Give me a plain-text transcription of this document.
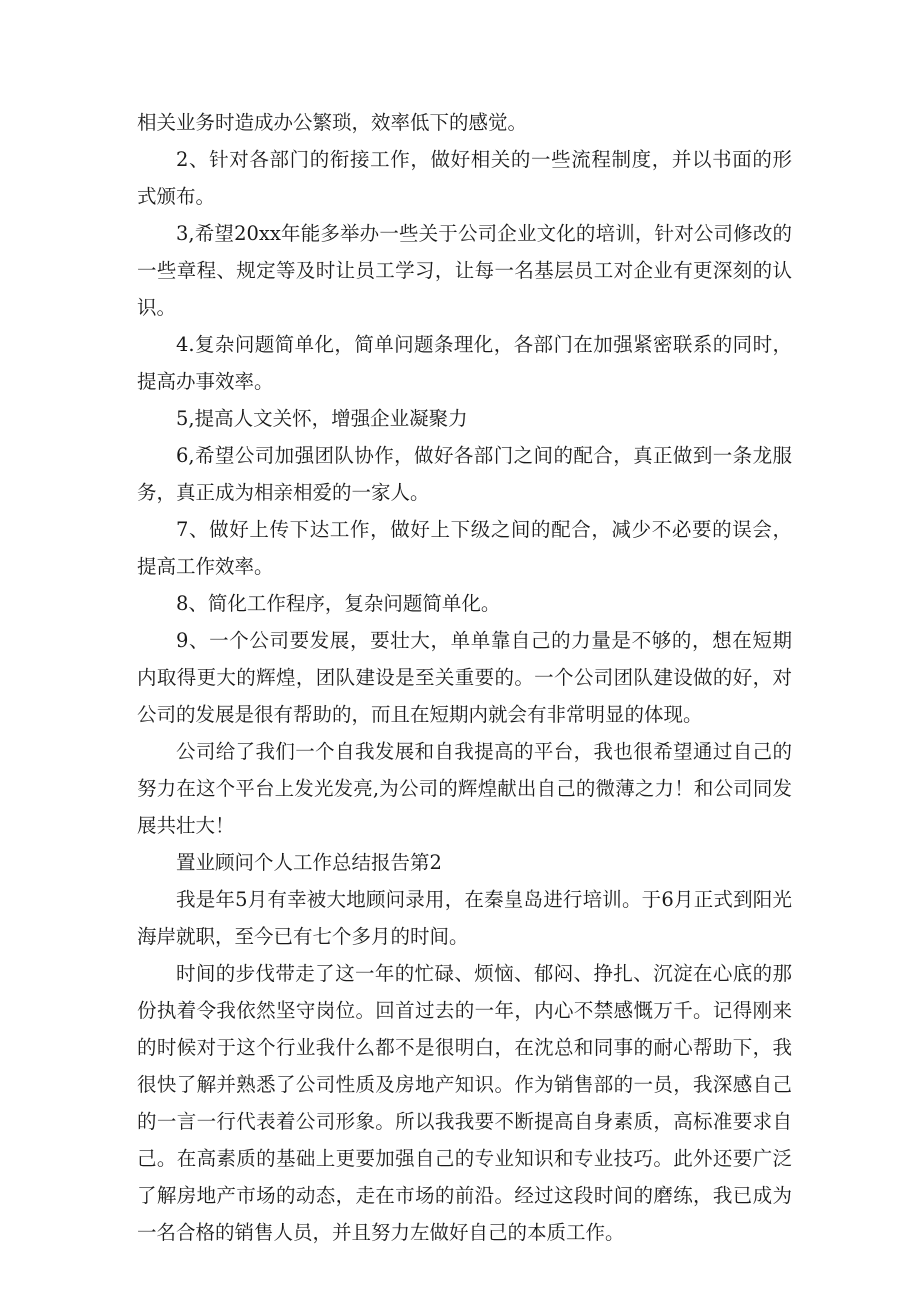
相关业务时造成办公繁琐，效率低下的感觉。

2、针对各部门的衔接工作，做好相关的一些流程制度，并以书面的形式颁布。

3,希望20xx年能多举办一些关于公司企业文化的培训，针对公司修改的一些章程、规定等及时让员工学习，让每一名基层员工对企业有更深刻的认识。

4.复杂问题简单化，简单问题条理化，各部门在加强紧密联系的同时，提高办事效率。

5,提高人文关怀，增强企业凝聚力

6,希望公司加强团队协作，做好各部门之间的配合，真正做到一条龙服务，真正成为相亲相爱的一家人。

7、做好上传下达工作，做好上下级之间的配合，减少不必要的误会，提高工作效率。

8、简化工作程序，复杂问题简单化。

9、一个公司要发展，要壮大，单单靠自己的力量是不够的，想在短期内取得更大的辉煌，团队建设是至关重要的。一个公司团队建设做的好，对公司的发展是很有帮助的，而且在短期内就会有非常明显的体现。

公司给了我们一个自我发展和自我提高的平台，我也很希望通过自己的努力在这个平台上发光发亮,为公司的辉煌献出自己的微薄之力！和公司同发展共壮大！

置业顾问个人工作总结报告第2

我是年5月有幸被大地顾问录用，在秦皇岛进行培训。于6月正式到阳光海岸就职，至今已有七个多月的时间。

时间的步伐带走了这一年的忙碌、烦恼、郁闷、挣扎、沉淀在心底的那份执着令我依然坚守岗位。回首过去的一年，内心不禁感慨万千。记得刚来的时候对于这个行业我什么都不是很明白，在沈总和同事的耐心帮助下，我很快了解并熟悉了公司性质及房地产知识。作为销售部的一员，我深感自己的一言一行代表着公司形象。所以我我要不断提高自身素质，高标准要求自己。在高素质的基础上更要加强自己的专业知识和专业技巧。此外还要广泛了解房地产市场的动态，走在市场的前沿。经过这段时间的磨练，我已成为一名合格的销售人员，并且努力左做好自己的本质工作。
